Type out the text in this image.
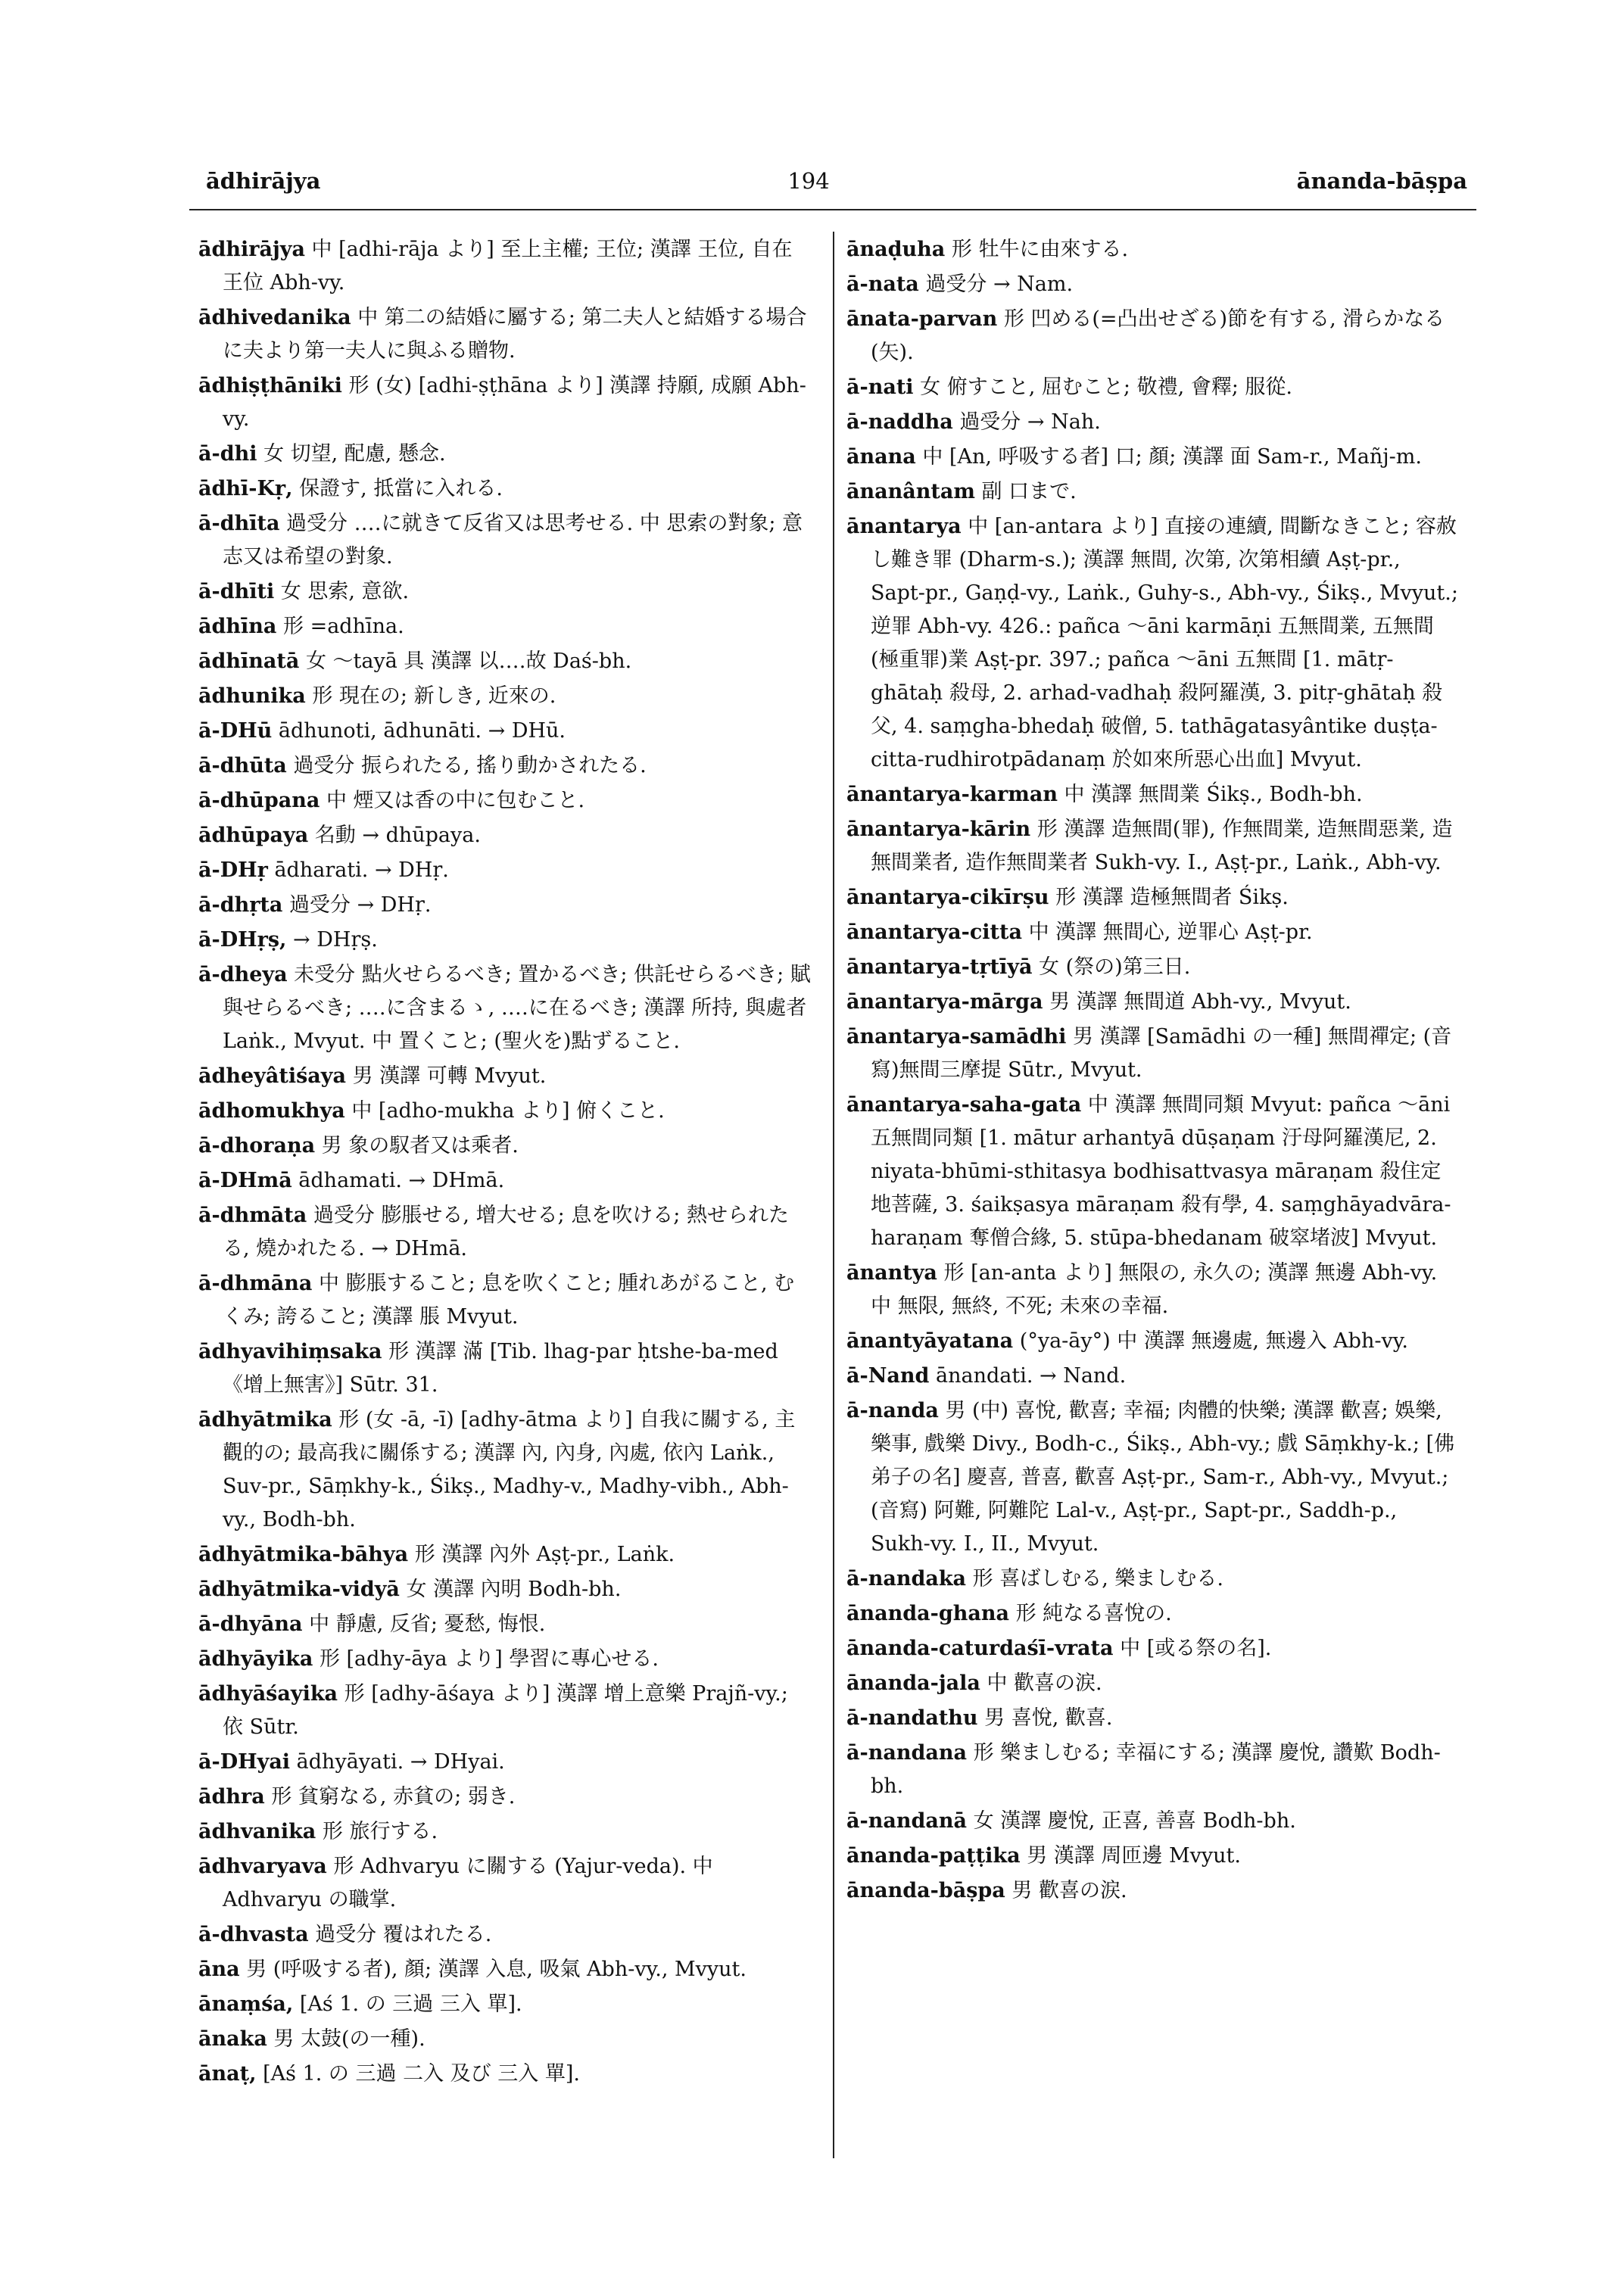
ādhirājya	194	ānanda-bāṣpa

ādhirājya 中 [adhi-rāja より] 至上主權; 王位; 漢譯 王位, 自在王位 Abh-vy.

ādhivedanika 中 第二の結婚に屬する; 第二夫人と結婚する場合に夫より第一夫人に與ふる贈物.

ādhiṣṭhāniki 形 (女) [adhi-ṣṭhāna より] 漢譯 持願, 成願 Abh-vy.

ā-dhi 女 切望, 配慮, 懸念.

ādhī-Kṛ, 保證す, 抵當に入れる.

ā-dhīta 過受分 ‥‥に就きて反省又は思考せる. 中 思索の對象; 意志又は希望の對象.

ā-dhīti 女 思索, 意欲.

ādhīna 形 =adhīna.

ādhīnatā 女 ～tayā 具 漢譯 以‥‥故 Daś-bh.

ādhunika 形 現在の; 新しき, 近來の.

ā-DHū ādhunoti, ādhunāti. → DHū.

ā-dhūta 過受分 振られたる, 搖り動かされたる.

ā-dhūpana 中 煙又は香の中に包むこと.

ādhūpaya 名動 → dhūpaya.

ā-DHṛ ādharati. → DHṛ.

ā-dhṛta 過受分 → DHṛ.

ā-DHṛṣ, → DHṛṣ.

ā-dheya 未受分 點火せらるべき; 置かるべき; 供託せらるべき; 賦與せらるべき; ‥‥に含まるゝ, ‥‥に在るべき; 漢譯 所持, 與處者 Laṅk., Mvyut. 中 置くこと; (聖火を)點ずること.

ādheyâtiśaya 男 漢譯 可轉 Mvyut.

ādhomukhya 中 [adho-mukha より] 俯くこと.

ā-dhoraṇa 男 象の馭者又は乘者.

ā-DHmā ādhamati. → DHmā.

ā-dhmāta 過受分 膨脹せる, 增大せる; 息を吹ける; 熱せられたる, 燒かれたる. → DHmā.

ā-dhmāna 中 膨脹すること; 息を吹くこと; 腫れあがること, むくみ; 誇ること; 漢譯 脹 Mvyut.

ādhyavihiṃsaka 形 漢譯 滿 [Tib. lhag-par ḥtshe-ba-med《增上無害》] Sūtr. 31.

ādhyātmika 形 (女 -ā, -ī) [adhy-ātma より] 自我に關する, 主觀的の; 最高我に關係する; 漢譯 內, 內身, 內處, 依內 Laṅk., Suv-pr., Sāṃkhy-k., Śikṣ., Madhy-v., Madhy-vibh., Abh-vy., Bodh-bh.

ādhyātmika-bāhya 形 漢譯 內外 Aṣṭ-pr., Laṅk.

ādhyātmika-vidyā 女 漢譯 內明 Bodh-bh.

ā-dhyāna 中 靜慮, 反省; 憂愁, 悔恨.

ādhyāyika 形 [adhy-āya より] 學習に專心せる.

ādhyāśayika 形 [adhy-āśaya より] 漢譯 增上意樂 Prajñ-vy.; 依 Sūtr.

ā-DHyai ādhyāyati. → DHyai.

ādhra 形 貧窮なる, 赤貧の; 弱き.

ādhvanika 形 旅行する.

ādhvaryava 形 Adhvaryu に關する (Yajur-veda). 中 Adhvaryu の職掌.

ā-dhvasta 過受分 覆はれたる.

āna 男 (呼吸する者), 顏; 漢譯 入息, 吸氣 Abh-vy., Mvyut.

ānaṃśa, [Aś 1. の 三過 三入 單].

ānaka 男 太鼓(の一種).

ānaṭ, [Aś 1. の 三過 二入 及び 三入 單].

ānaḍuha 形 牡牛に由來する.

ā-nata 過受分 → Nam.

ānata-parvan 形 凹める(=凸出せざる)節を有する, 滑らかなる(矢).

ā-nati 女 俯すこと, 屈むこと; 敬禮, 會釋; 服從.

ā-naddha 過受分 → Nah.

ānana 中 [An, 呼吸する者] 口; 顏; 漢譯 面 Sam-r., Mañj-m.

ānanântam 副 口まで.

ānantarya 中 [an-antara より] 直接の連續, 間斷なきこと; 容赦し難き罪 (Dharm-s.); 漢譯 無間, 次第, 次第相續 Aṣṭ-pr., Sapt-pr., Gaṇḍ-vy., Laṅk., Guhy-s., Abh-vy., Śikṣ., Mvyut.; 逆罪 Abh-vy. 426.: pañca ～āni karmāṇi 五無間業, 五無間(極重罪)業 Aṣṭ-pr. 397.; pañca ～āni 五無間 [1. mātṛ-ghātaḥ 殺母, 2. arhad-vadhaḥ 殺阿羅漢, 3. pitṛ-ghātaḥ 殺父, 4. saṃgha-bhedaḥ 破僧, 5. tathāgatasyântike duṣṭa-citta-rudhirotpādanaṃ 於如來所惡心出血] Mvyut.

ānantarya-karman 中 漢譯 無間業 Śikṣ., Bodh-bh.

ānantarya-kārin 形 漢譯 造無間(罪), 作無間業, 造無間惡業, 造無間業者, 造作無間業者 Sukh-vy. I., Aṣṭ-pr., Laṅk., Abh-vy.

ānantarya-cikīrṣu 形 漢譯 造極無間者 Śikṣ.

ānantarya-citta 中 漢譯 無間心, 逆罪心 Aṣṭ-pr.

ānantarya-tṛtīyā 女 (祭の)第三日.

ānantarya-mārga 男 漢譯 無間道 Abh-vy., Mvyut.

ānantarya-samādhi 男 漢譯 [Samādhi の一種] 無間禪定; (音寫)無間三摩提 Sūtr., Mvyut.

ānantarya-saha-gata 中 漢譯 無間同類 Mvyut: pañca ～āni 五無間同類 [1. mātur arhantyā dūṣaṇam 汙母阿羅漢尼, 2. niyata-bhūmi-sthitasya bodhisattvasya māraṇam 殺住定地菩薩, 3. śaikṣasya māraṇam 殺有學, 4. saṃghāyadvāra-haraṇam 奪僧合緣, 5. stūpa-bhedanam 破窣堵波] Mvyut.

ānantya 形 [an-anta より] 無限の, 永久の; 漢譯 無邊 Abh-vy. 中 無限, 無終, 不死; 未來の幸福.

ānantyāyatana (°ya-āy°) 中 漢譯 無邊處, 無邊入 Abh-vy.

ā-Nand ānandati. → Nand.

ā-nanda 男 (中) 喜悅, 歡喜; 幸福; 肉體的快樂; 漢譯 歡喜; 娛樂, 樂事, 戲樂 Divy., Bodh-c., Śikṣ., Abh-vy.; 戲 Sāṃkhy-k.; [佛弟子の名] 慶喜, 普喜, 歡喜 Aṣṭ-pr., Sam-r., Abh-vy., Mvyut.; (音寫) 阿難, 阿難陀 Lal-v., Aṣṭ-pr., Sapt-pr., Saddh-p., Sukh-vy. I., II., Mvyut.

ā-nandaka 形 喜ばしむる, 樂ましむる.

ānanda-ghana 形 純なる喜悅の.

ānanda-caturdaśī-vrata 中 [或る祭の名].

ānanda-jala 中 歡喜の涙.

ā-nandathu 男 喜悅, 歡喜.

ā-nandana 形 樂ましむる; 幸福にする; 漢譯 慶悅, 讚歎 Bodh-bh.

ā-nandanā 女 漢譯 慶悅, 正喜, 善喜 Bodh-bh.

ānanda-paṭṭika 男 漢譯 周匝邊 Mvyut.

ānanda-bāṣpa 男 歡喜の涙.
